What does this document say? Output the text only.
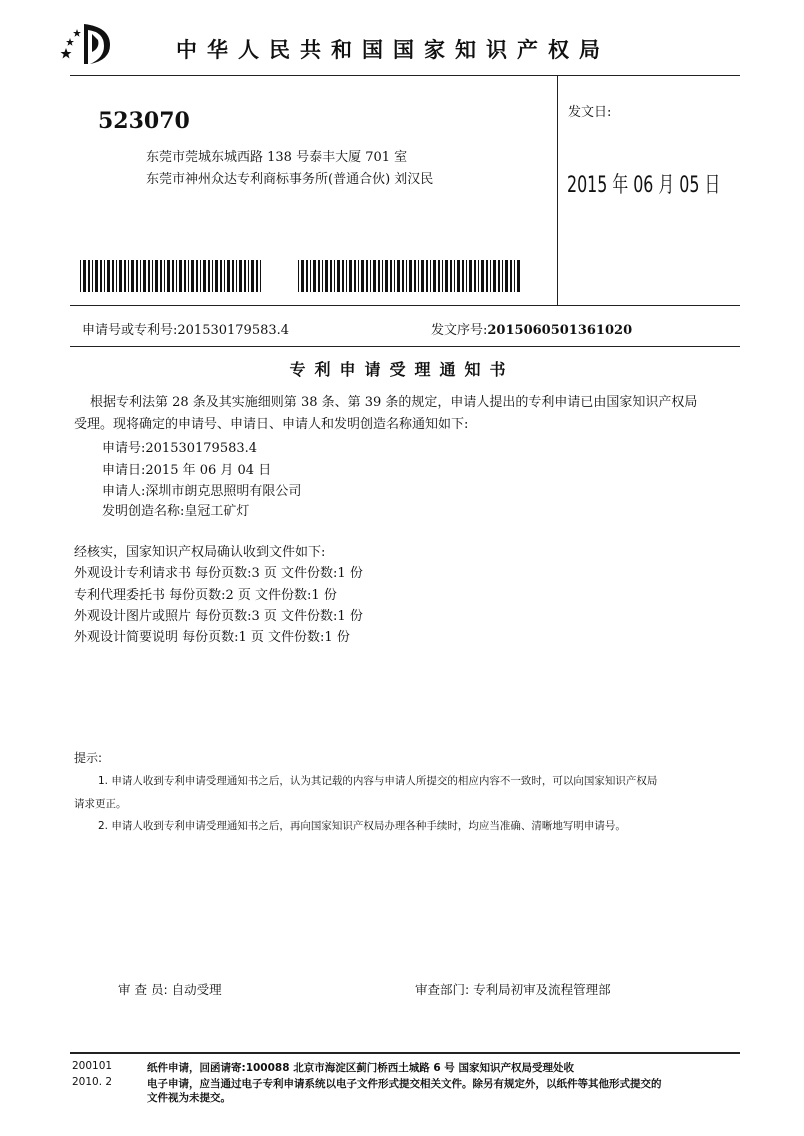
中华人民共和国国家知识产权局
523070
东莞市莞城东城西路 138 号泰丰大厦 701 室
东莞市神州众达专利商标事务所(普通合伙) 刘汉民
发文日:
2015 年 06 月 05 日
申请号或专利号:201530179583.4	发文序号:2015060501361020
专利申请受理通知书
根据专利法第 28 条及其实施细则第 38 条、第 39 条的规定，申请人提出的专利申请已由国家知识产权局
受理。现将确定的申请号、申请日、申请人和发明创造名称通知如下:
申请号:201530179583.4
申请日:2015 年 06 月 04 日
申请人:深圳市朗克思照明有限公司
发明创造名称:皇冠工矿灯
经核实，国家知识产权局确认收到文件如下:
外观设计专利请求书 每份页数:3 页 文件份数:1 份
专利代理委托书 每份页数:2 页 文件份数:1 份
外观设计图片或照片 每份页数:3 页 文件份数:1 份
外观设计简要说明 每份页数:1 页 文件份数:1 份
提示:
1. 申请人收到专利申请受理通知书之后，认为其记载的内容与申请人所提交的相应内容不一致时，可以向国家知识产权局
请求更正。
2. 申请人收到专利申请受理通知书之后，再向国家知识产权局办理各种手续时，均应当准确、清晰地写明申请号。
审 查 员: 自动受理	审查部门: 专利局初审及流程管理部
200101
2010. 2
纸件申请，回函请寄:100088 北京市海淀区蓟门桥西土城路 6 号 国家知识产权局受理处收
电子申请，应当通过电子专利申请系统以电子文件形式提交相关文件。除另有规定外，以纸件等其他形式提交的
文件视为未提交。
